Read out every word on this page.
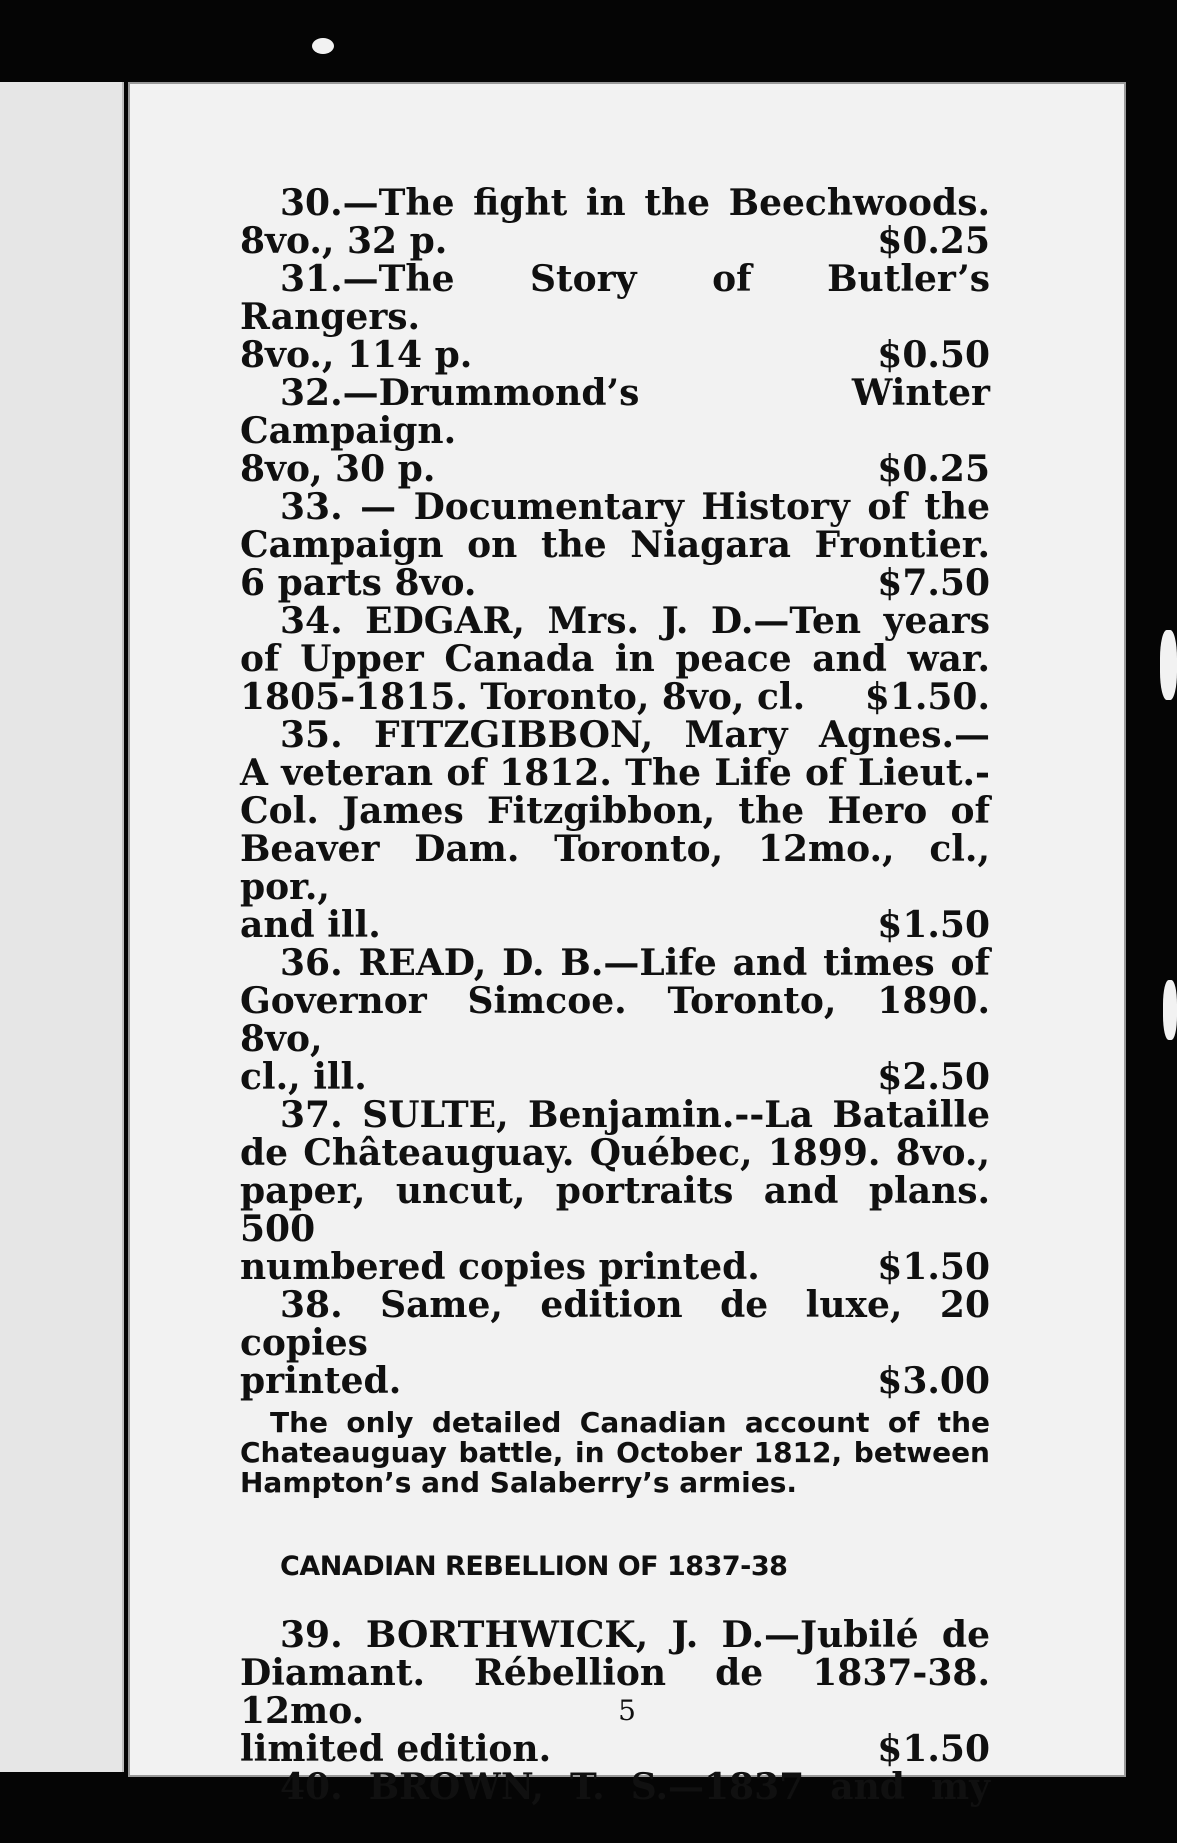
30.—The fight in the Beechwoods.
8vo., 32 p.	$0.25
31.—The Story of Butler’s Rangers.
8vo., 114 p.	$0.50
32.—Drummond’s Winter Campaign.
8vo, 30 p.	$0.25
33. — Documentary History of the
Campaign on the Niagara Frontier.
6 parts 8vo.	$7.50
34. EDGAR, Mrs. J. D.—Ten years
of Upper Canada in peace and war.
1805-1815. Toronto, 8vo, cl. $1.50.
35. FITZGIBBON, Mary Agnes.—
A veteran of 1812. The Life of Lieut.-
Col. James Fitzgibbon, the Hero of
Beaver Dam. Toronto, 12mo., cl., por.,
and ill.	$1.50
36. READ, D. B.—Life and times of
Governor Simcoe. Toronto, 1890. 8vo,
cl., ill.	$2.50
37. SULTE, Benjamin.--La Bataille
de Châteauguay. Québec, 1899. 8vo.,
paper, uncut, portraits and plans. 500
numbered copies printed.	$1.50
38. Same, edition de luxe, 20 copies
printed.	$3.00
The only detailed Canadian account of the Chateauguay battle, in October 1812, between Hampton’s and Salaberry’s armies.
CANADIAN REBELLION OF 1837-38
39. BORTHWICK, J. D.—Jubilé de
Diamant. Rébellion de 1837-38. 12mo.
limited edition.	$1.50
40. BROWN, T. S.—1837 and my
5
